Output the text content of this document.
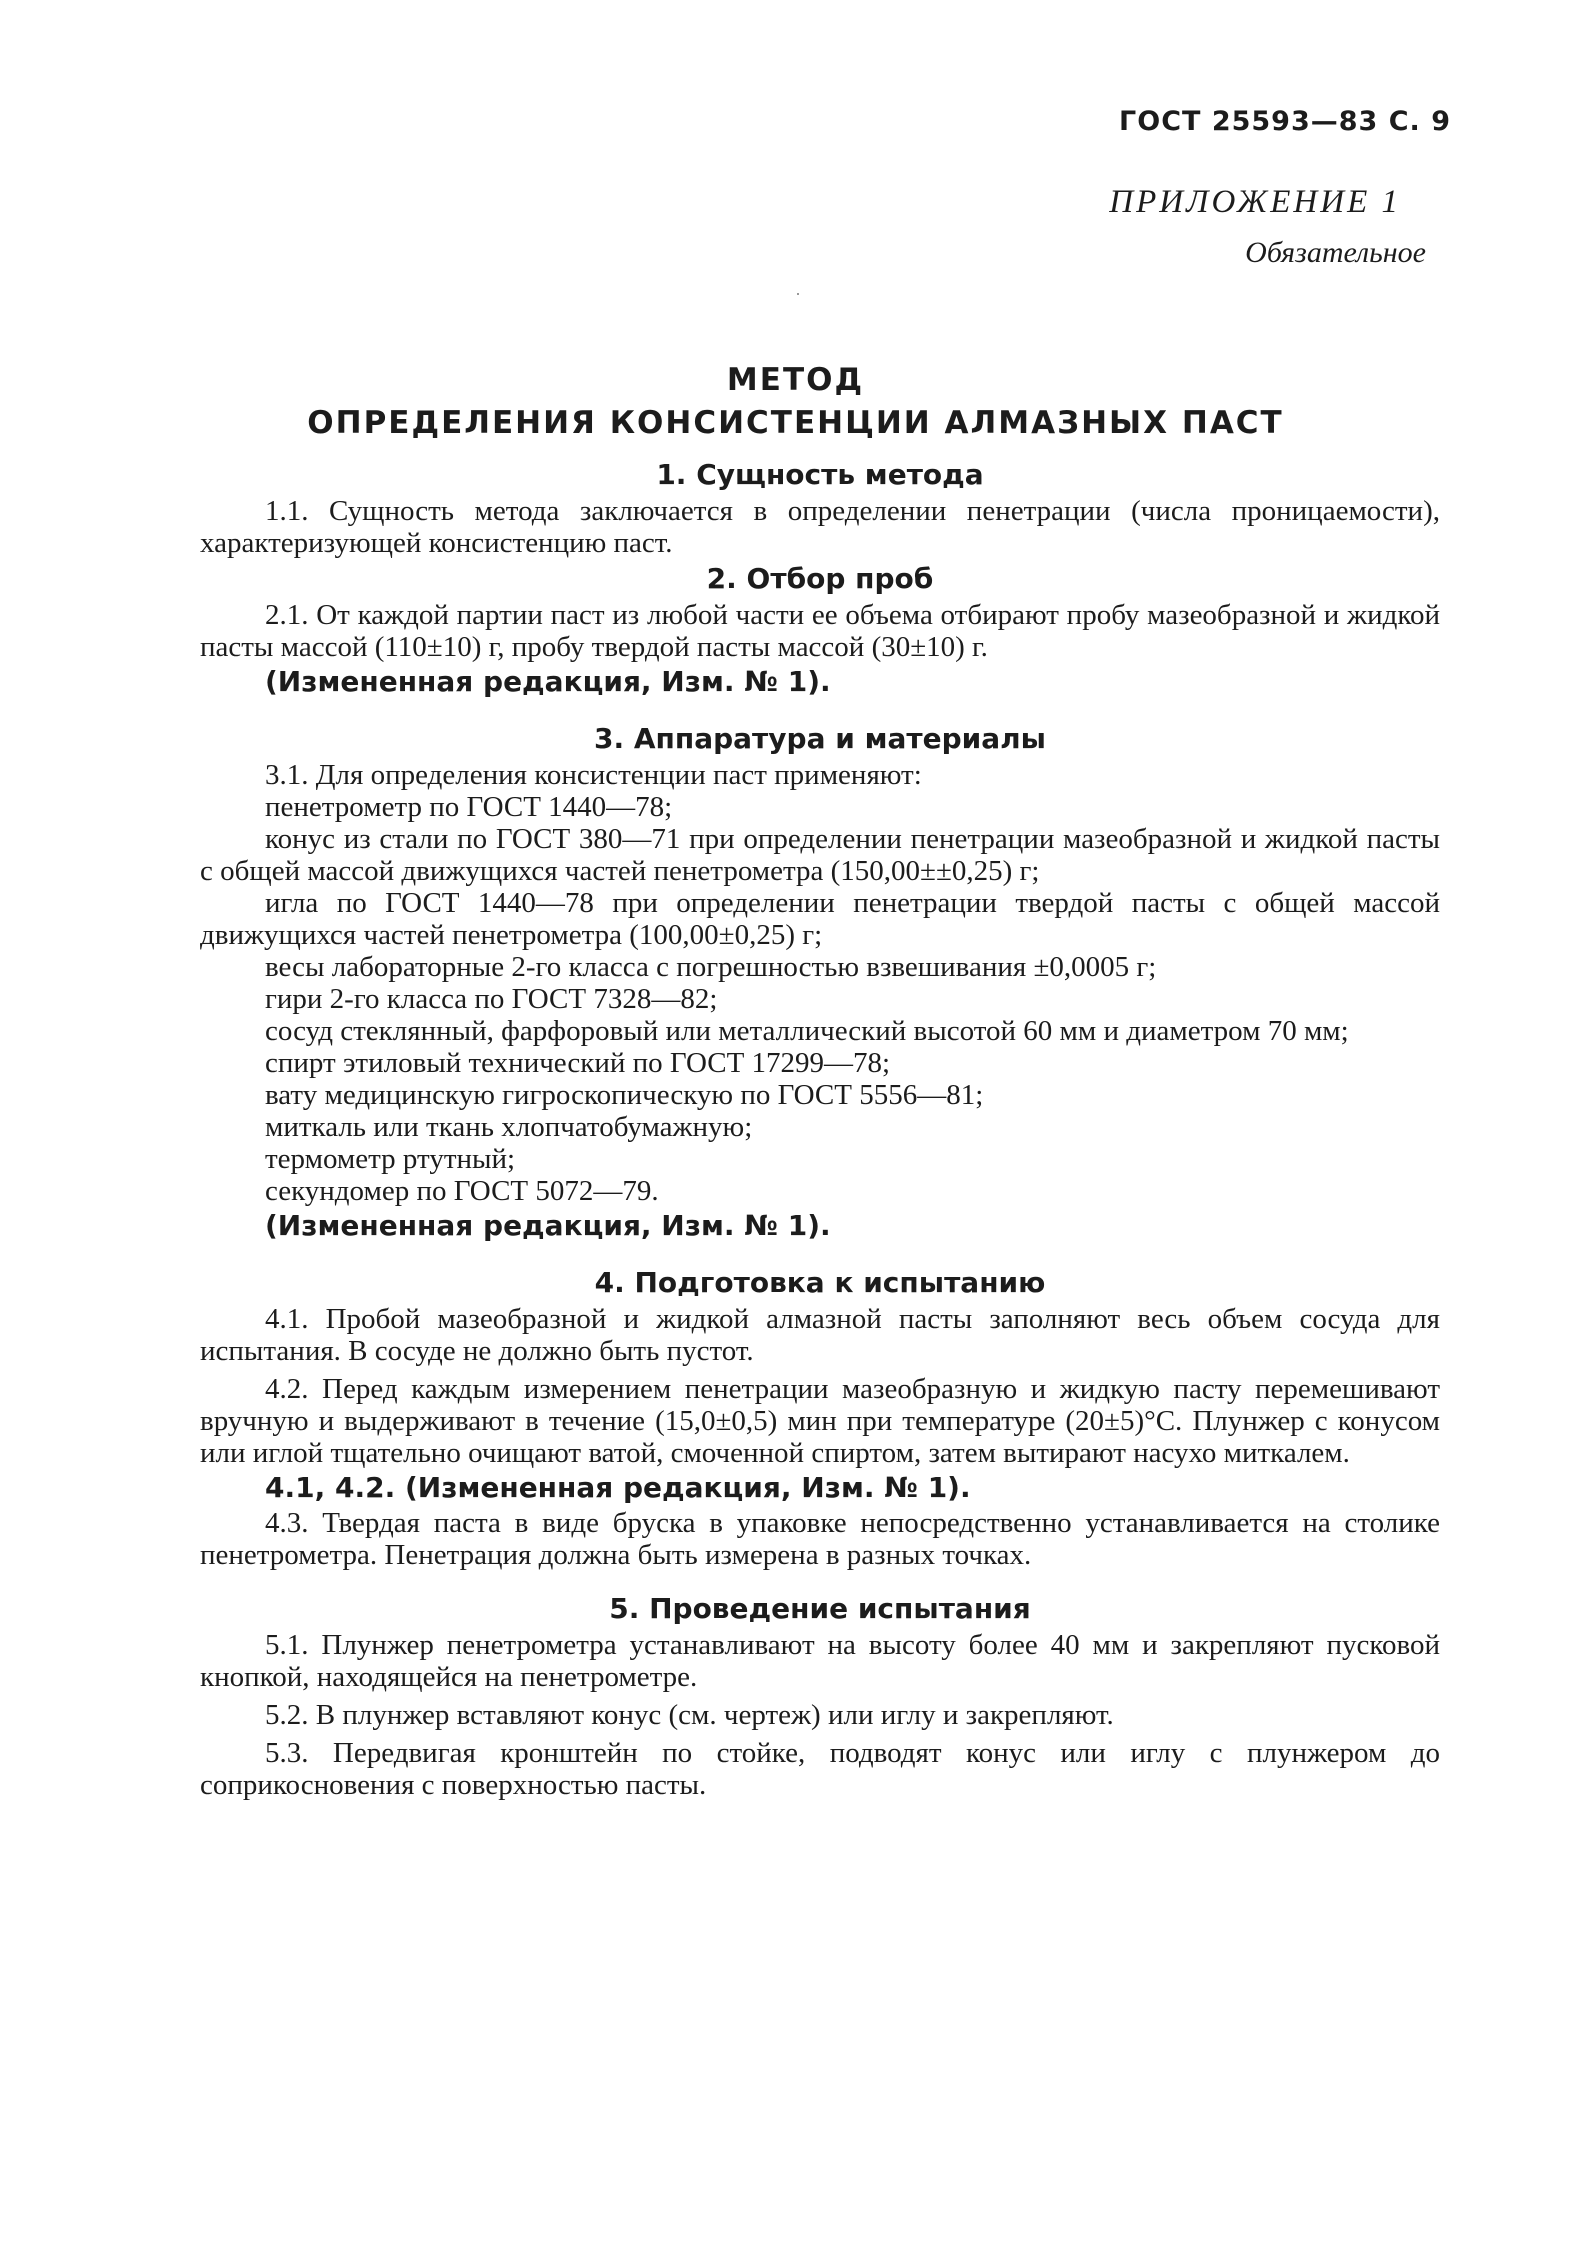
ГОСТ 25593—83 С. 9
ПРИЛОЖЕНИЕ 1
Обязательное
МЕТОД
ОПРЕДЕЛЕНИЯ КОНСИСТЕНЦИИ АЛМАЗНЫХ ПАСТ
1. Сущность метода

1.1. Сущность метода заключается в определении пенетрации (числа проницаемости), характеризующей консистенцию паст.

2. Отбор проб

2.1. От каждой партии паст из любой части ее объема отбирают пробу мазеобразной и жидкой пасты массой (110±10) г, пробу твердой пасты массой (30±10) г.

(Измененная редакция, Изм. № 1).
3. Аппаратура и материалы

3.1. Для определения консистенции паст применяют:

пенетрометр по ГОСТ 1440—78;

конус из стали по ГОСТ 380—71 при определении пенетрации мазеобразной и жидкой пасты с общей массой движущихся частей пенетрометра (150,00±±0,25) г;

игла по ГОСТ 1440—78 при определении пенетрации твердой пасты с общей массой движущихся частей пенетрометра (100,00±0,25) г;

весы лабораторные 2-го класса с погрешностью взвешивания ±0,0005 г;

гири 2-го класса по ГОСТ 7328—82;

сосуд стеклянный, фарфоровый или металлический высотой 60 мм и диаметром 70 мм;

спирт этиловый технический по ГОСТ 17299—78;

вату медицинскую гигроскопическую по ГОСТ 5556—81;

миткаль или ткань хлопчатобумажную;

термометр ртутный;

секундомер по ГОСТ 5072—79.

(Измененная редакция, Изм. № 1).
4. Подготовка к испытанию

4.1. Пробой мазеобразной и жидкой алмазной пасты заполняют весь объем сосуда для испытания. В сосуде не должно быть пустот.

4.2. Перед каждым измерением пенетрации мазеобразную и жидкую пасту перемешивают вручную и выдерживают в течение (15,0±0,5) мин при температуре (20±5)°С. Плунжер с конусом или иглой тщательно очищают ватой, смоченной спиртом, затем вытирают насухо миткалем.

4.1, 4.2. (Измененная редакция, Изм. № 1).

4.3. Твердая паста в виде бруска в упаковке непосредственно устанавливается на столике пенетрометра. Пенетрация должна быть измерена в разных точках.

5. Проведение испытания

5.1. Плунжер пенетрометра устанавливают на высоту более 40 мм и закрепляют пусковой кнопкой, находящейся на пенетрометре.

5.2. В плунжер вставляют конус (см. чертеж) или иглу и закрепляют.

5.3. Передвигая кронштейн по стойке, подводят конус или иглу с плунжером до соприкосновения с поверхностью пасты.
